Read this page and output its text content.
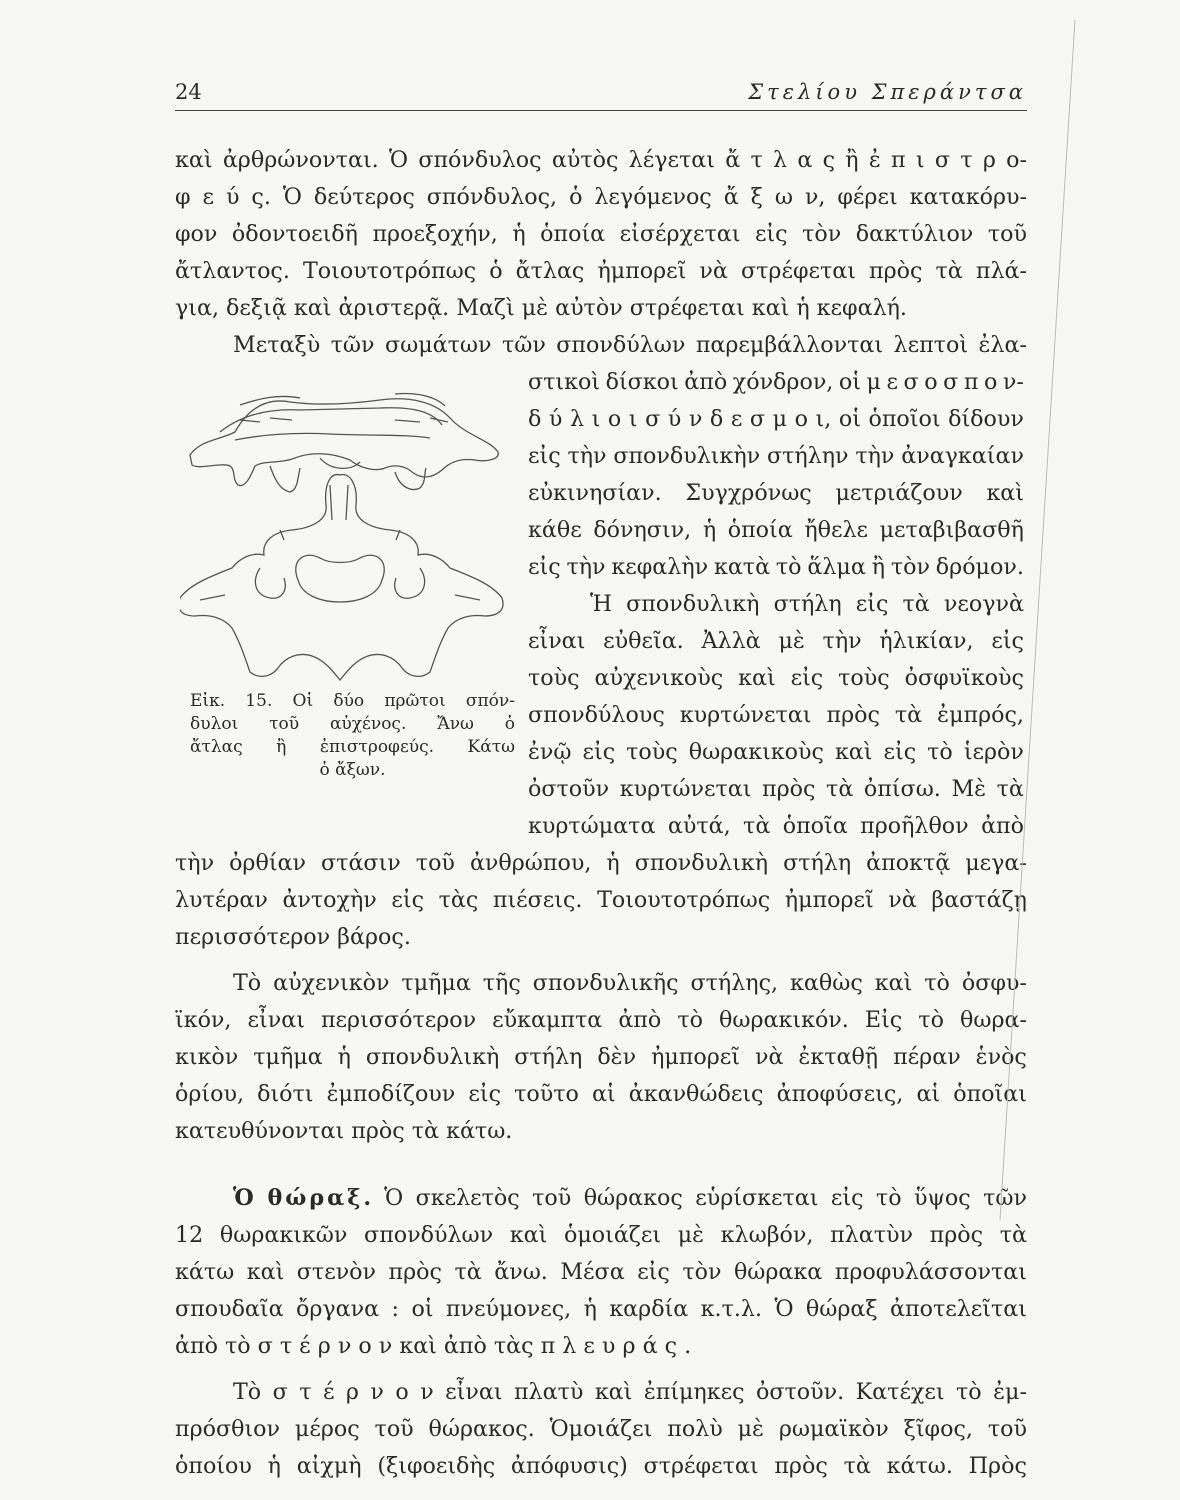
24	Στελίου Σπεράντσα
καὶ ἀρθρώνονται. Ὁ σπόνδυλος αὐτὸς λέγεται ἄ τ λ α ς ἢ ἐ π ι σ τ ρ ο-
φ ε ύ ς. Ὁ δεύτερος σπόνδυλος, ὁ λεγόμενος ἄ ξ ω ν, φέρει κατακόρυ-
φον ὀδοντοειδῆ προεξοχήν, ἡ ὁποία εἰσέρχεται εἰς τὸν δακτύλιον τοῦ
ἄτλαντος. Τοιουτοτρόπως ὁ ἄτλας ἠμπορεῖ νὰ στρέφεται πρὸς τὰ πλά-
για, δεξιᾷ καὶ ἀριστερᾷ. Μαζὶ μὲ αὐτὸν στρέφεται καὶ ἡ κεφαλή.
Μεταξὺ τῶν σωμάτων τῶν σπονδύλων παρεμβάλλονται λεπτοὶ ἐλα-
στικοὶ δίσκοι ἀπὸ χόνδρον, οἱ μ ε σ ο σ π ο ν-
δ ύ λ ι ο ι σ ύ ν δ ε σ μ ο ι, οἱ ὁποῖοι δίδουν
εἰς τὴν σπονδυλικὴν στήλην τὴν ἀναγκαίαν
εὐκινησίαν. Συγχρόνως μετριάζουν καὶ
κάθε δόνησιν, ἡ ὁποία ἤθελε μεταβιβασθῆ
εἰς τὴν κεφαλὴν κατὰ τὸ ἅλμα ἢ τὸν δρόμον.
Ἡ σπονδυλικὴ στήλη εἰς τὰ νεογνὰ
εἶναι εὐθεῖα. Ἀλλὰ μὲ τὴν ἡλικίαν, εἰς
τοὺς αὐχενικοὺς καὶ εἰς τοὺς ὀσφυϊκοὺς
σπονδύλους κυρτώνεται πρὸς τὰ ἐμπρός,
ἐνῷ εἰς τοὺς θωρακικοὺς καὶ εἰς τὸ ἱερὸν
ὀστοῦν κυρτώνεται πρὸς τὰ ὀπίσω. Μὲ τὰ
κυρτώματα αὐτά, τὰ ὁποῖα προῆλθον ἀπὸ
Εἰκ. 15. Οἱ δύο πρῶτοι σπόν-
δυλοι τοῦ αὐχένος. Ἄνω ὁ
ἄτλας ἢ ἐπιστροφεύς. Κάτω
ὁ ἄξων.
τὴν ὀρθίαν στάσιν τοῦ ἀνθρώπου, ἡ σπονδυλικὴ στήλη ἀποκτᾷ μεγα-
λυτέραν ἀντοχὴν εἰς τὰς πιέσεις. Τοιουτοτρόπως ἠμπορεῖ νὰ βαστάζῃ
περισσότερον βάρος.
Τὸ αὐχενικὸν τμῆμα τῆς σπονδυλικῆς στήλης, καθὼς καὶ τὸ ὀσφυ-
ϊκόν, εἶναι περισσότερον εὔκαμπτα ἀπὸ τὸ θωρακικόν. Εἰς τὸ θωρα-
κικὸν τμῆμα ἡ σπονδυλικὴ στήλη δὲν ἠμπορεῖ νὰ ἐκταθῇ πέραν ἑνὸς
ὁρίου, διότι ἐμποδίζουν εἰς τοῦτο αἱ ἀκανθώδεις ἀποφύσεις, αἱ ὁποῖαι
κατευθύνονται πρὸς τὰ κάτω.
Ὁ θώραξ. Ὁ σκελετὸς τοῦ θώρακος εὑρίσκεται εἰς τὸ ὕψος τῶν
12 θωρακικῶν σπονδύλων καὶ ὁμοιάζει μὲ κλωβόν, πλατὺν πρὸς τὰ
κάτω καὶ στενὸν πρὸς τὰ ἄνω. Μέσα εἰς τὸν θώρακα προφυλάσσονται
σπουδαῖα ὄργανα : οἱ πνεύμονες, ἡ καρδία κ.τ.λ. Ὁ θώραξ ἀποτελεῖται
ἀπὸ τὸ σ τ έ ρ ν ο ν καὶ ἀπὸ τὰς π λ ε υ ρ ά ς .
Τὸ σ τ έ ρ ν ο ν εἶναι πλατὺ καὶ ἐπίμηκες ὀστοῦν. Κατέχει τὸ ἐμ-
πρόσθιον μέρος τοῦ θώρακος. Ὁμοιάζει πολὺ μὲ ρωμαϊκὸν ξῖφος, τοῦ
ὁποίου ἡ αἰχμὴ (ξιφοειδὴς ἀπόφυσις) στρέφεται πρὸς τὰ κάτω. Πρὸς
